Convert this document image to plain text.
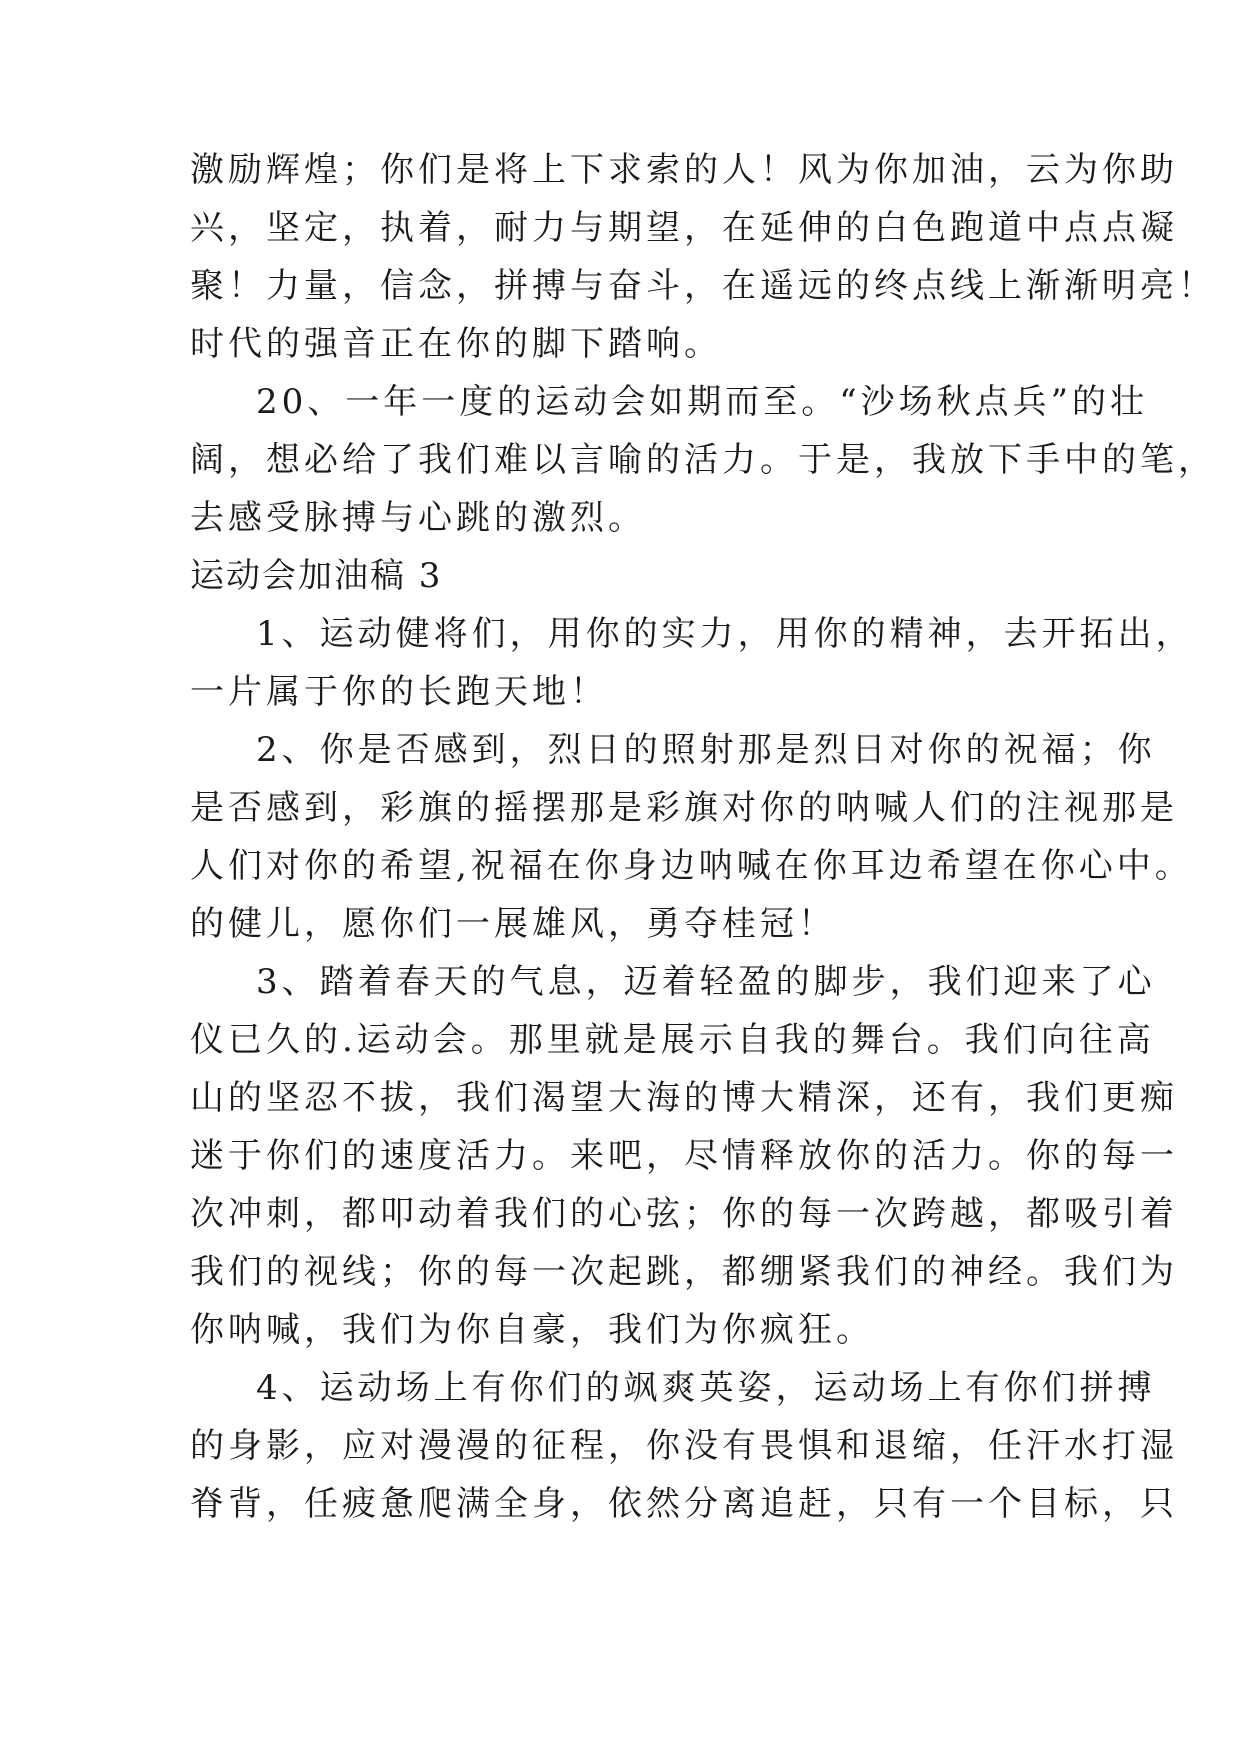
激励辉煌；你们是将上下求索的人！风为你加油，云为你助
兴，坚定，执着，耐力与期望，在延伸的白色跑道中点点凝
聚！力量，信念，拼搏与奋斗，在遥远的终点线上渐渐明亮！
时代的强音正在你的脚下踏响。
20、一年一度的运动会如期而至。“沙场秋点兵”的壮
阔，想必给了我们难以言喻的活力。于是，我放下手中的笔，
去感受脉搏与心跳的激烈。
运动会加油稿 3
1、运动健将们，用你的实力，用你的精神，去开拓出，
一片属于你的长跑天地！
2、你是否感到，烈日的照射那是烈日对你的祝福；你
是否感到，彩旗的摇摆那是彩旗对你的呐喊人们的注视那是
人们对你的希望,祝福在你身边呐喊在你耳边希望在你心中。
的健儿，愿你们一展雄风，勇夺桂冠！
3、踏着春天的气息，迈着轻盈的脚步，我们迎来了心
仪已久的.运动会。那里就是展示自我的舞台。我们向往高
山的坚忍不拔，我们渴望大海的博大精深，还有，我们更痴
迷于你们的速度活力。来吧，尽情释放你的活力。你的每一
次冲刺，都叩动着我们的心弦；你的每一次跨越，都吸引着
我们的视线；你的每一次起跳，都绷紧我们的神经。我们为
你呐喊，我们为你自豪，我们为你疯狂。
4、运动场上有你们的飒爽英姿，运动场上有你们拼搏
的身影，应对漫漫的征程，你没有畏惧和退缩，任汗水打湿
脊背，任疲惫爬满全身，依然分离追赶，只有一个目标，只
